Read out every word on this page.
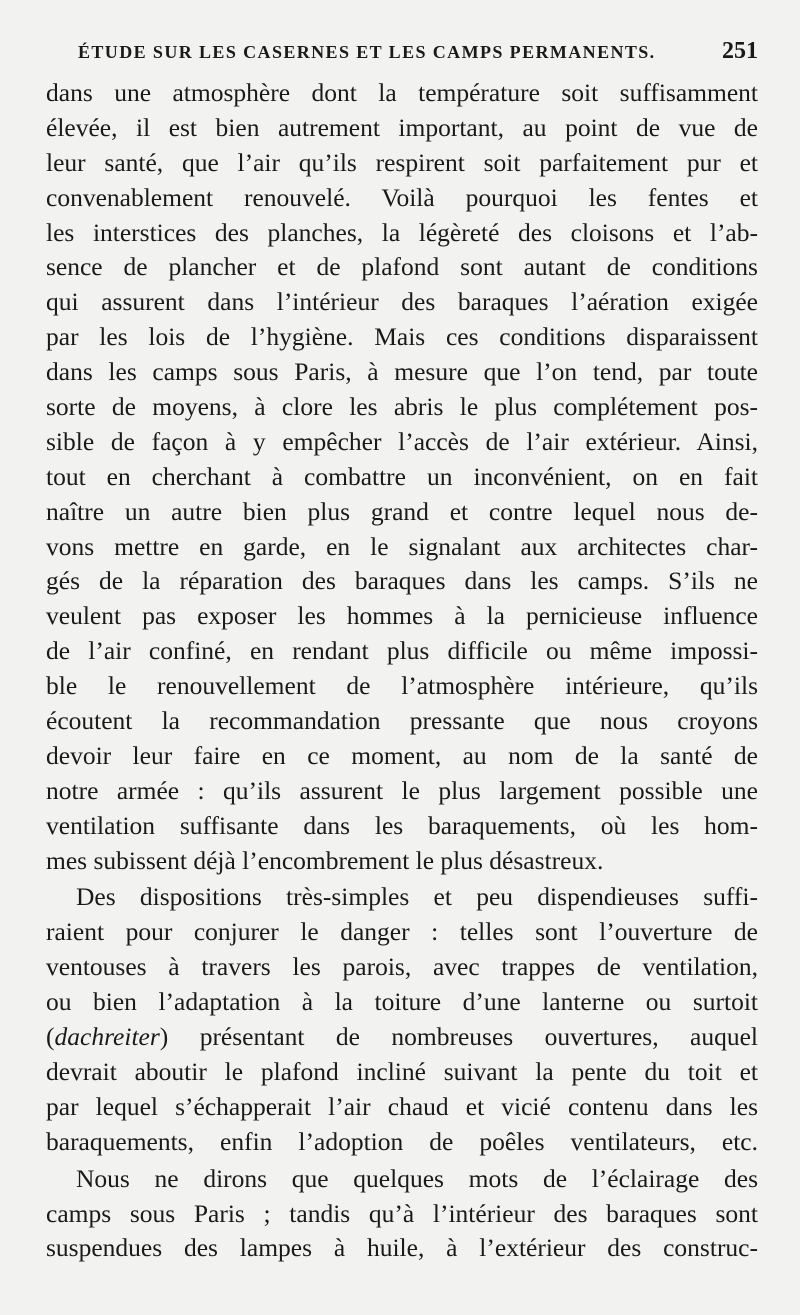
ÉTUDE SUR LES CASERNES ET LES CAMPS PERMANENTS.	251
dans une atmosphère dont la température soit suffisamment
élevée, il est bien autrement important, au point de vue de
leur santé, que l’air qu’ils respirent soit parfaitement pur et
convenablement renouvelé. Voilà pourquoi les fentes et
les interstices des planches, la légèreté des cloisons et l’ab-
sence de plancher et de plafond sont autant de conditions
qui assurent dans l’intérieur des baraques l’aération exigée
par les lois de l’hygiène. Mais ces conditions disparaissent
dans les camps sous Paris, à mesure que l’on tend, par toute
sorte de moyens, à clore les abris le plus complétement pos-
sible de façon à y empêcher l’accès de l’air extérieur. Ainsi,
tout en cherchant à combattre un inconvénient, on en fait
naître un autre bien plus grand et contre lequel nous de-
vons mettre en garde, en le signalant aux architectes char-
gés de la réparation des baraques dans les camps. S’ils ne
veulent pas exposer les hommes à la pernicieuse influence
de l’air confiné, en rendant plus difficile ou même impossi-
ble le renouvellement de l’atmosphère intérieure, qu’ils
écoutent la recommandation pressante que nous croyons
devoir leur faire en ce moment, au nom de la santé de
notre armée : qu’ils assurent le plus largement possible une
ventilation suffisante dans les baraquements, où les hom-
mes subissent déjà l’encombrement le plus désastreux.
Des dispositions très-simples et peu dispendieuses suffi-
raient pour conjurer le danger : telles sont l’ouverture de
ventouses à travers les parois, avec trappes de ventilation,
ou bien l’adaptation à la toiture d’une lanterne ou surtoit
(dachreiter) présentant de nombreuses ouvertures, auquel
devrait aboutir le plafond incliné suivant la pente du toit et
par lequel s’échapperait l’air chaud et vicié contenu dans les
baraquements, enfin l’adoption de poêles ventilateurs, etc.
Nous ne dirons que quelques mots de l’éclairage des
camps sous Paris ; tandis qu’à l’intérieur des baraques sont
suspendues des lampes à huile, à l’extérieur des construc-
